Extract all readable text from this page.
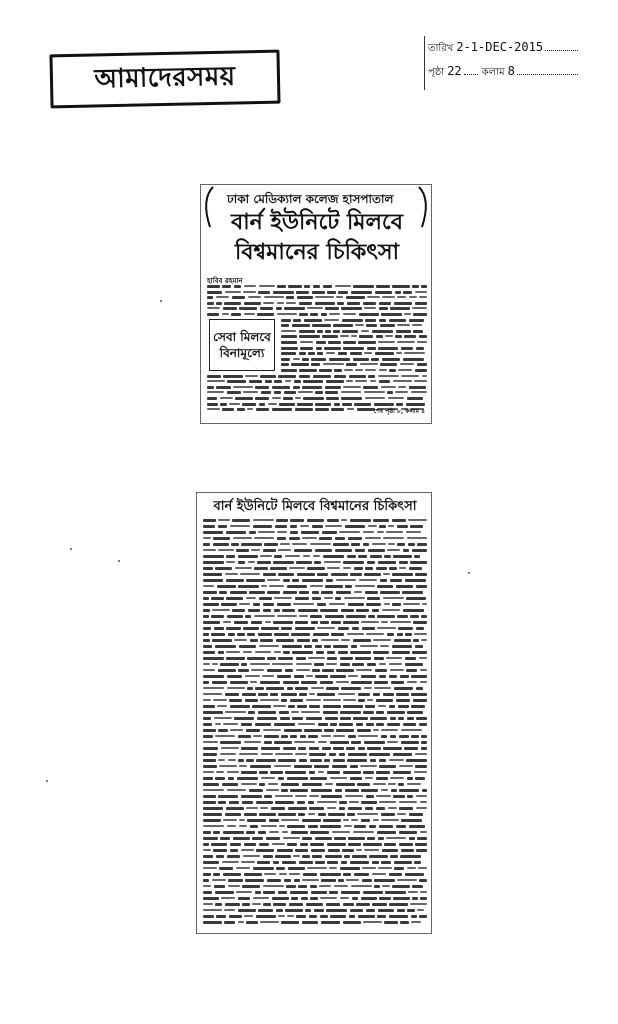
আমাদেরসময়
তারিখ 2-1-DEC-2015
পৃষ্ঠা 22 কলাম 8
ঢাকা মেডিক্যাল কলেজ হাসপাতাল
বার্ন ইউনিটে মিলবে
বিশ্বমানের চিকিৎসা
হাবিব রহমান
সেবা মিলবে
বিনামূল্যে
শেষ পৃষ্ঠা ৮, কলাম ৪
বার্ন ইউনিটে মিলবে বিশ্বমানের চিকিৎসা
